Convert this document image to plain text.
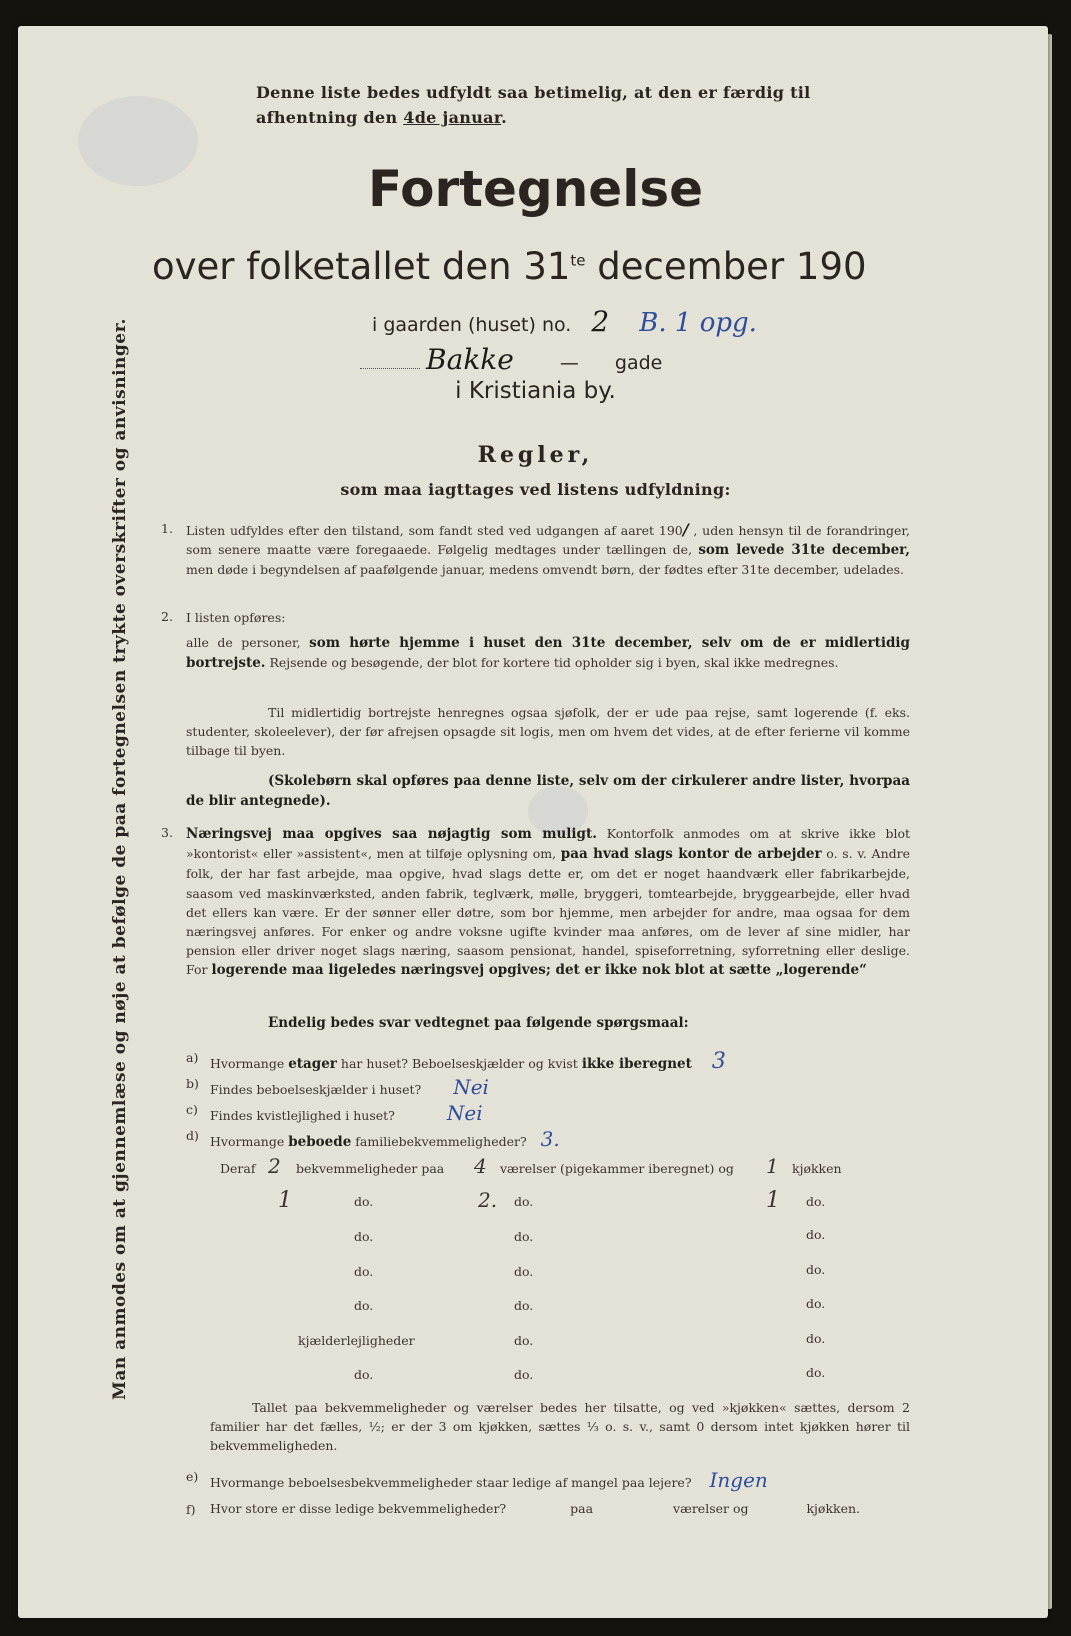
Man anmodes om at gjennemlæse og nøje at befølge de paa fortegnelsen trykte overskrifter og anvisninger.
Denne liste bedes udfyldt saa betimelig, at den er færdig til
afhentning den 4de januar.
Fortegnelse
over folketallet den $31^{te}$ december 190
i gaarden (huset) no. 2 B. 1 opg.
Bakke — gade
i Kristiania by.
Regler,
som maa iagttages ved listens udfyldning:
1. Listen udfyldes efter den tilstand, som fandt sted ved udgangen af aaret 190/ , uden hensyn til de forandringer, som senere maatte være foregaaede. Følgelig medtages under tællingen de, som levede 31te december, men døde i begyndelsen af paafølgende januar, medens omvendt børn, der fødtes efter 31te december, udelades.
2. I listen opføres:
alle de personer, som hørte hjemme i huset den 31te december, selv om de er midlertidig bortrejste. Rejsende og besøgende, der blot for kortere tid opholder sig i byen, skal ikke medregnes.
Til midlertidig bortrejste henregnes ogsaa sjøfolk, der er ude paa rejse, samt logerende (f. eks. studenter, skoleelever), der før afrejsen opsagde sit logis, men om hvem det vides, at de efter ferierne vil komme tilbage til byen.
(Skolebørn skal opføres paa denne liste, selv om der cirkulerer andre lister, hvorpaa de blir antegnede).
3. Næringsvej maa opgives saa nøjagtig som muligt. Kontorfolk anmodes om at skrive ikke blot »kontorist« eller »assistent«, men at tilføje oplysning om, paa hvad slags kontor de arbejder o. s. v. Andre folk, der har fast arbejde, maa opgive, hvad slags dette er, om det er noget haandværk eller fabrikarbejde, saasom ved maskinværksted, anden fabrik, teglværk, mølle, bryggeri, tomtearbejde, bryggearbejde, eller hvad det ellers kan være. Er der sønner eller døtre, som bor hjemme, men arbejder for andre, maa ogsaa for dem næringsvej anføres. For enker og andre voksne ugifte kvinder maa anføres, om de lever af sine midler, har pension eller driver noget slags næring, saasom pensionat, handel, spiseforretning, syforretning eller deslige. For logerende maa ligeledes næringsvej opgives; det er ikke nok blot at sætte „logerende“
Endelig bedes svar vedtegnet paa følgende spørgsmaal:
a) Hvormange etager har huset? Beboelseskjælder og kvist ikke iberegnet 3
b) Findes beboelseskjælder i huset? Nei
c) Findes kvistlejlighed i huset?	Nei
d) Hvormange beboede familiebekvemmeligheder? 3.
Deraf 2 bekvemmeligheder paa 4 værelser (pigekammer iberegnet) og 1 kjøkken
1	do.	2. do.	1 do.
do.	do.	do.
do.	do.	do.
do.	do.	do.
kjælderlejligheder	do.	do.
do.	do.	do.
Tallet paa bekvemmeligheder og værelser bedes her tilsatte, og ved »kjøkken« sættes, dersom 2 familier har det fælles, ½; er der 3 om kjøkken, sættes ⅓ o. s. v., samt 0 dersom intet kjøkken hører til bekvemmeligheden.
e) Hvormange beboelsesbekvemmeligheder staar ledige af mangel paa lejere? Ingen
f) Hvor store er disse ledige bekvemmeligheder?	paa	værelser og	kjøkken.
